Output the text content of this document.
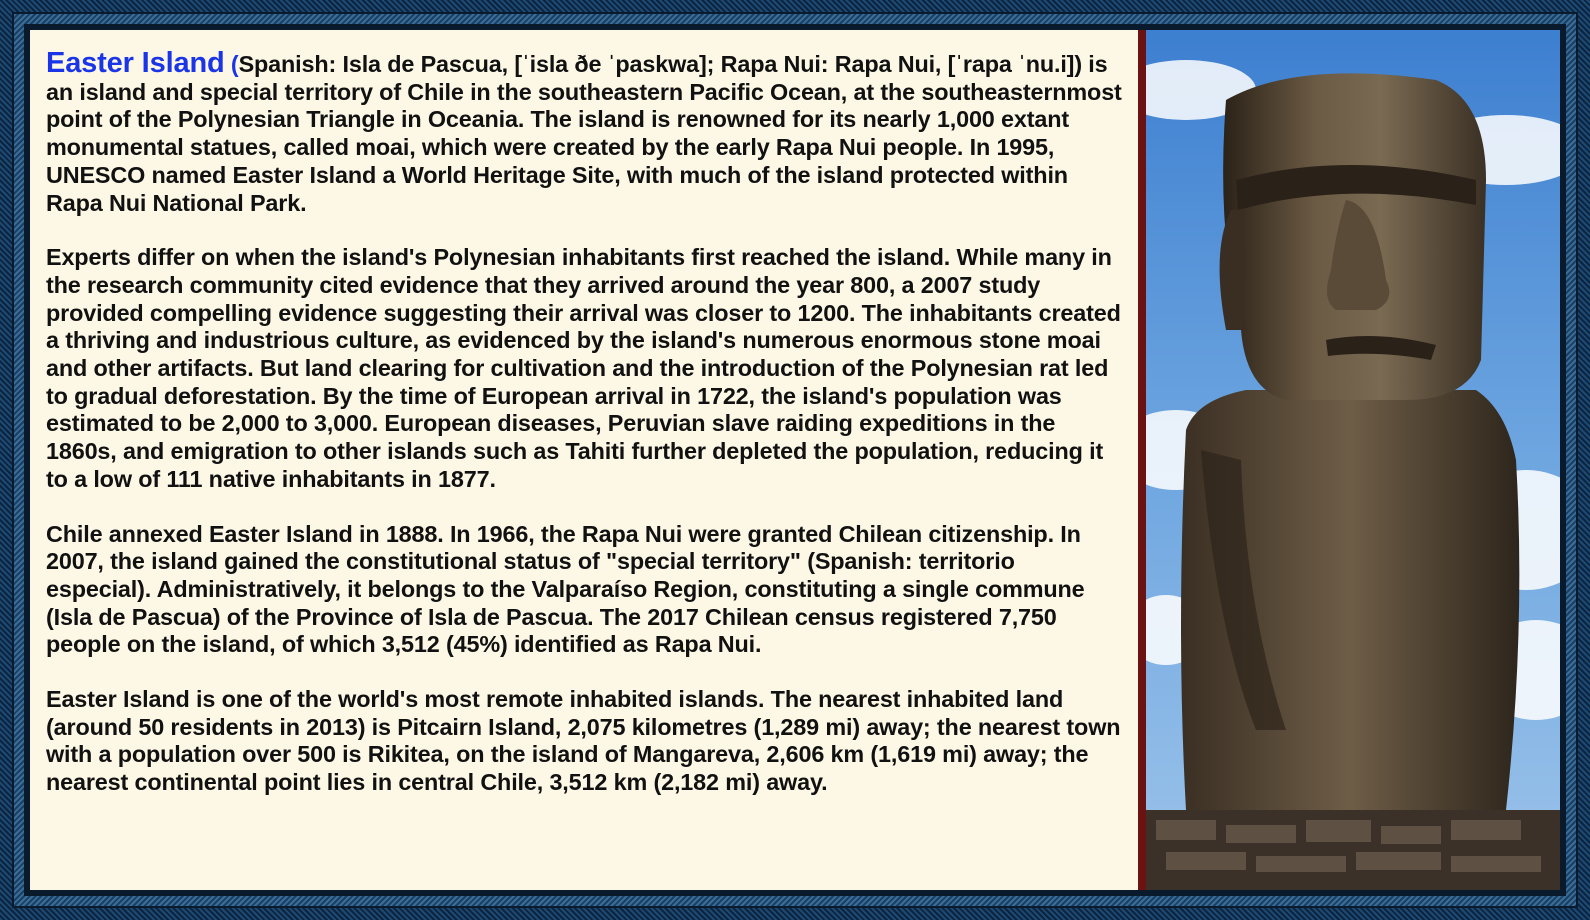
Easter Island (Spanish: Isla de Pascua, [ˈisla ðe ˈpaskwa]; Rapa Nui: Rapa Nui, [ˈrapa ˈnu.i]) is an island and special territory of Chile in the southeastern Pacific Ocean, at the southeasternmost point of the Polynesian Triangle in Oceania. The island is renowned for its nearly 1,000 extant monumental statues, called moai, which were created by the early Rapa Nui people. In 1995, UNESCO named Easter Island a World Heritage Site, with much of the island protected within Rapa Nui National Park.

Experts differ on when the island's Polynesian inhabitants first reached the island. While many in the research community cited evidence that they arrived around the year 800, a 2007 study provided compelling evidence suggesting their arrival was closer to 1200. The inhabitants created a thriving and industrious culture, as evidenced by the island's numerous enormous stone moai and other artifacts. But land clearing for cultivation and the introduction of the Polynesian rat led to gradual deforestation. By the time of European arrival in 1722, the island's population was estimated to be 2,000 to 3,000. European diseases, Peruvian slave raiding expeditions in the 1860s, and emigration to other islands such as Tahiti further depleted the population, reducing it to a low of 111 native inhabitants in 1877.

Chile annexed Easter Island in 1888. In 1966, the Rapa Nui were granted Chilean citizenship. In 2007, the island gained the constitutional status of "special territory" (Spanish: territorio especial). Administratively, it belongs to the Valparaíso Region, constituting a single commune (Isla de Pascua) of the Province of Isla de Pascua. The 2017 Chilean census registered 7,750 people on the island, of which 3,512 (45%) identified as Rapa Nui.

Easter Island is one of the world's most remote inhabited islands. The nearest inhabited land (around 50 residents in 2013) is Pitcairn Island, 2,075 kilometres (1,289 mi) away; the nearest town with a population over 500 is Rikitea, on the island of Mangareva, 2,606 km (1,619 mi) away; the nearest continental point lies in central Chile, 3,512 km (2,182 mi) away.
